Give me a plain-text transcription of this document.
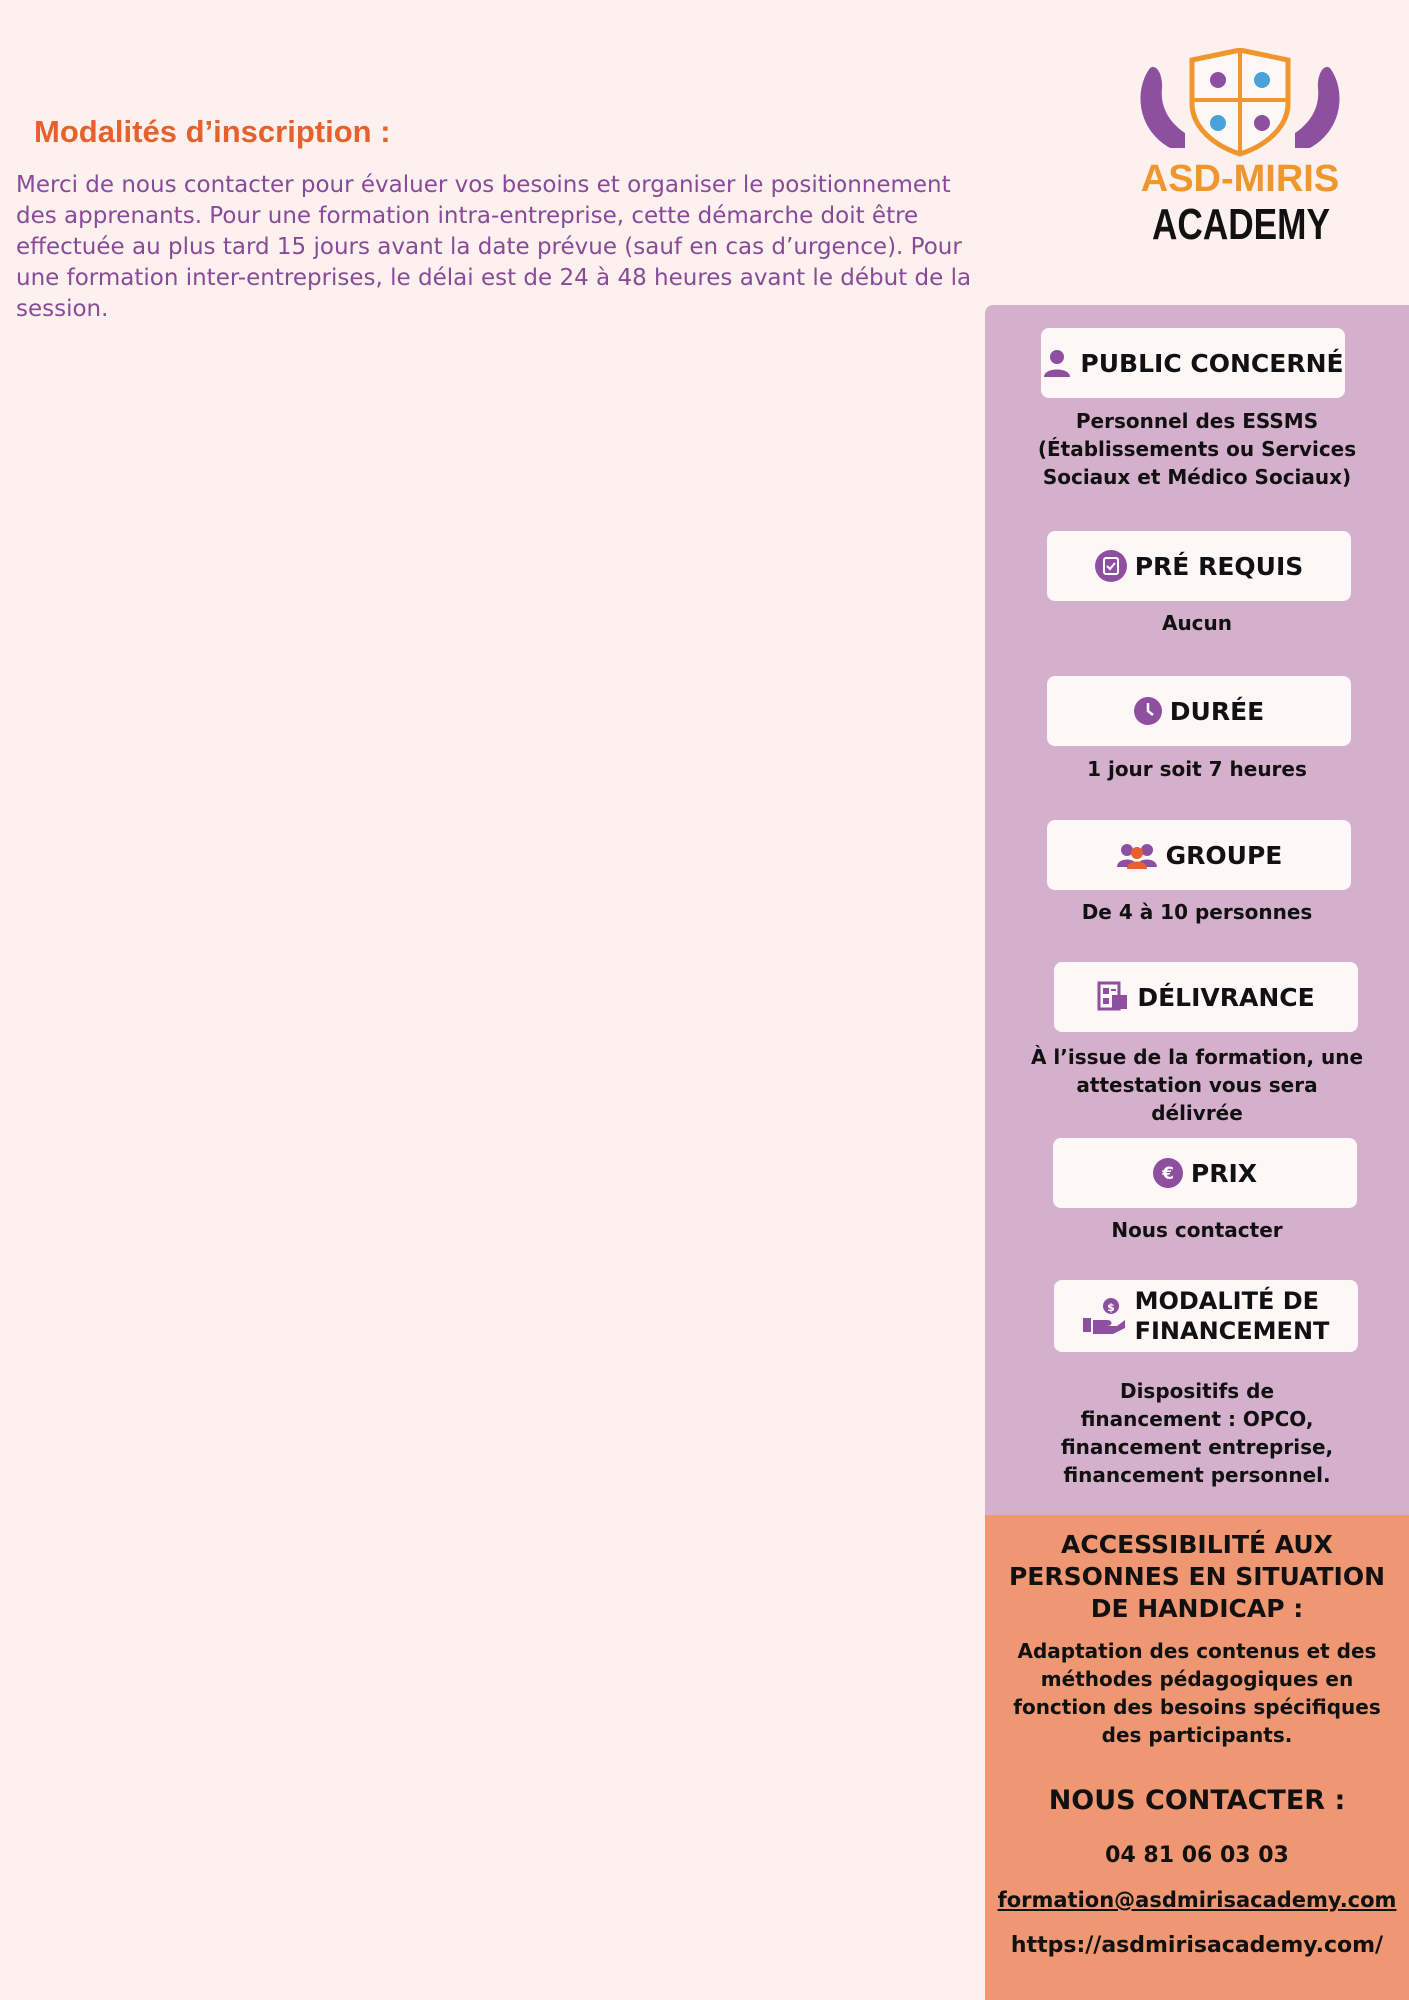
Modalités d’inscription :

Merci de nous contacter pour évaluer vos besoins et organiser le positionnement des apprenants. Pour une formation intra-entreprise, cette démarche doit être effectuée au plus tard 15 jours avant la date prévue (sauf en cas d’urgence). Pour une formation inter-entreprises, le délai est de 24 à 48 heures avant le début de la session.

ASD-MIRIS
ACADEMY
PUBLIC CONCERNÉ
Personnel des ESSMS (Établissements ou Services Sociaux et Médico Sociaux)
PRÉ REQUIS
Aucun
DURÉE
1 jour soit 7 heures
GROUPE
De 4 à 10 personnes
DÉLIVRANCE
À l’issue de la formation, une attestation vous sera délivrée
€ PRIX
Nous contacter
$ MODALITÉ DE
FINANCEMENT
Dispositifs de financement : OPCO, financement entreprise, financement personnel.
ACCESSIBILITÉ AUX PERSONNES EN SITUATION DE HANDICAP :
Adaptation des contenus et des méthodes pédagogiques en fonction des besoins spécifiques des participants.
NOUS CONTACTER :
04 81 06 03 03
formation@asdmirisacademy.com
https://asdmirisacademy.com/
